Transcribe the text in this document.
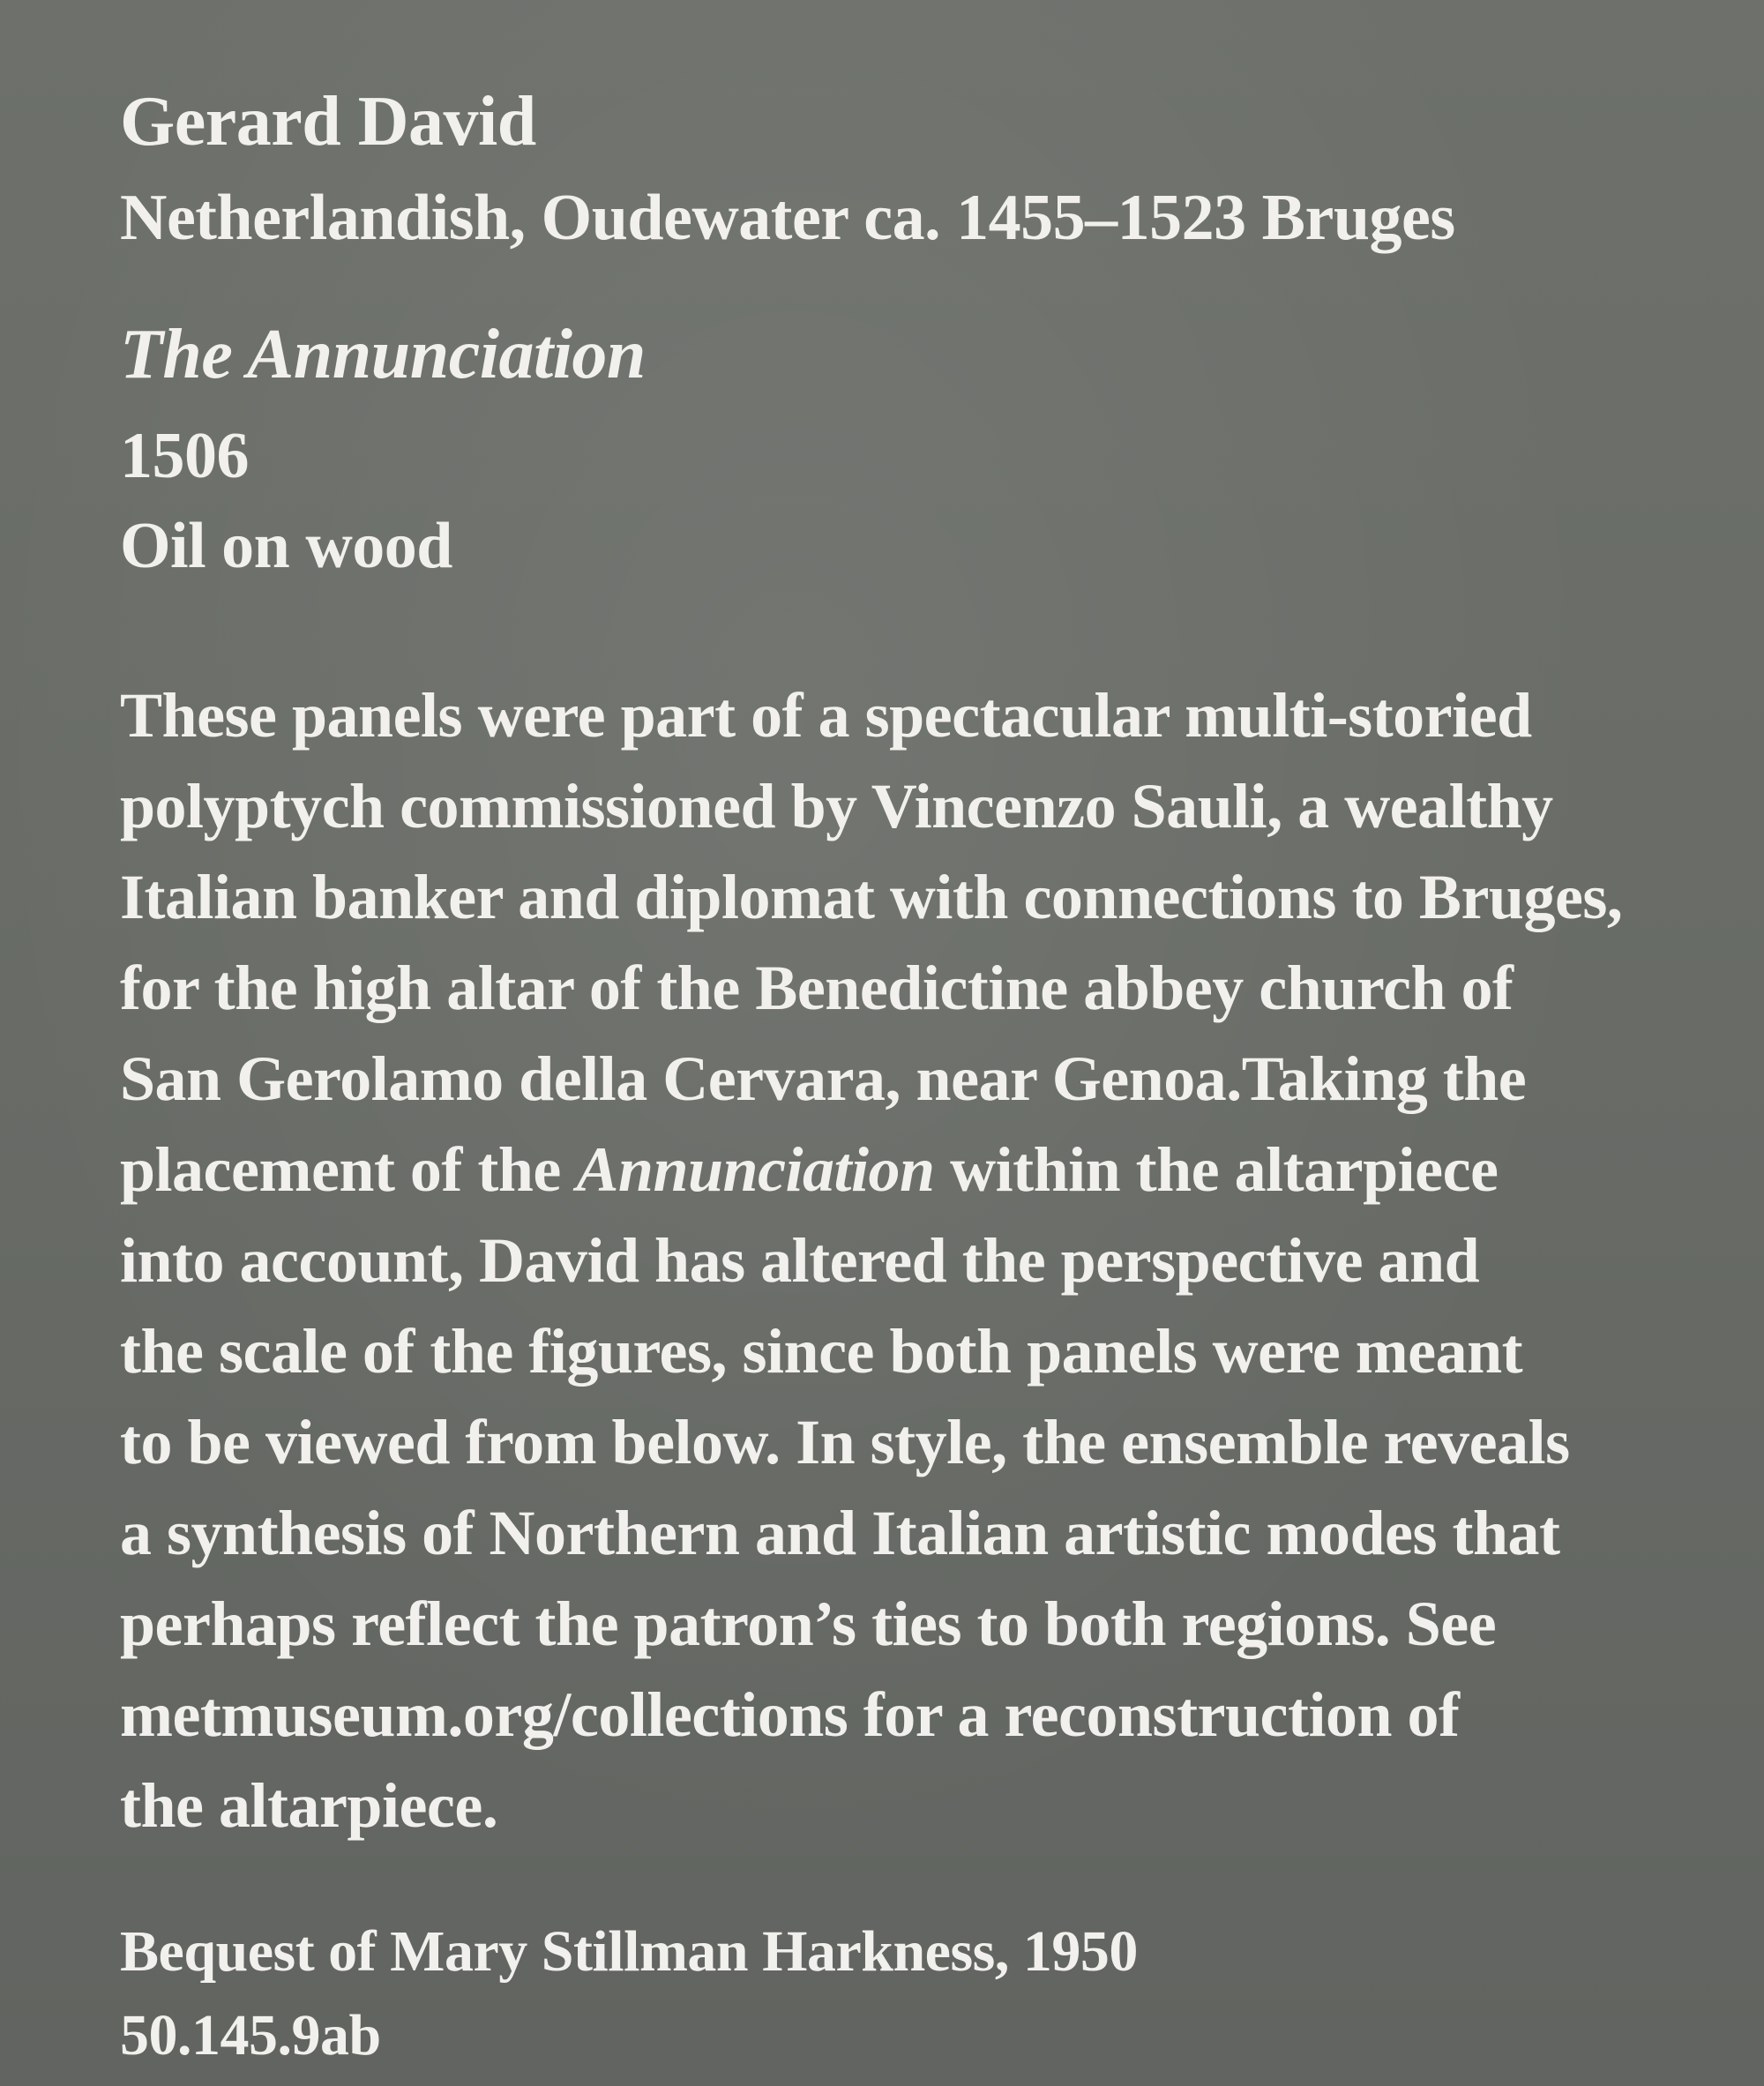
Gerard David
Netherlandish, Oudewater ca. 1455–1523 Bruges
The Annunciation
1506
Oil on wood
These panels were part of a spectacular multi-storied
polyptych commissioned by Vincenzo Sauli, a wealthy
Italian banker and diplomat with connections to Bruges,
for the high altar of the Benedictine abbey church of
San Gerolamo della Cervara, near Genoa.Taking the
placement of the Annunciation within the altarpiece
into account, David has altered the perspective and
the scale of the figures, since both panels were meant
to be viewed from below. In style, the ensemble reveals
a synthesis of Northern and Italian artistic modes that
perhaps reflect the patron’s ties to both regions. See
metmuseum.org/collections for a reconstruction of
the altarpiece.
Bequest of Mary Stillman Harkness, 1950
50.145.9ab
